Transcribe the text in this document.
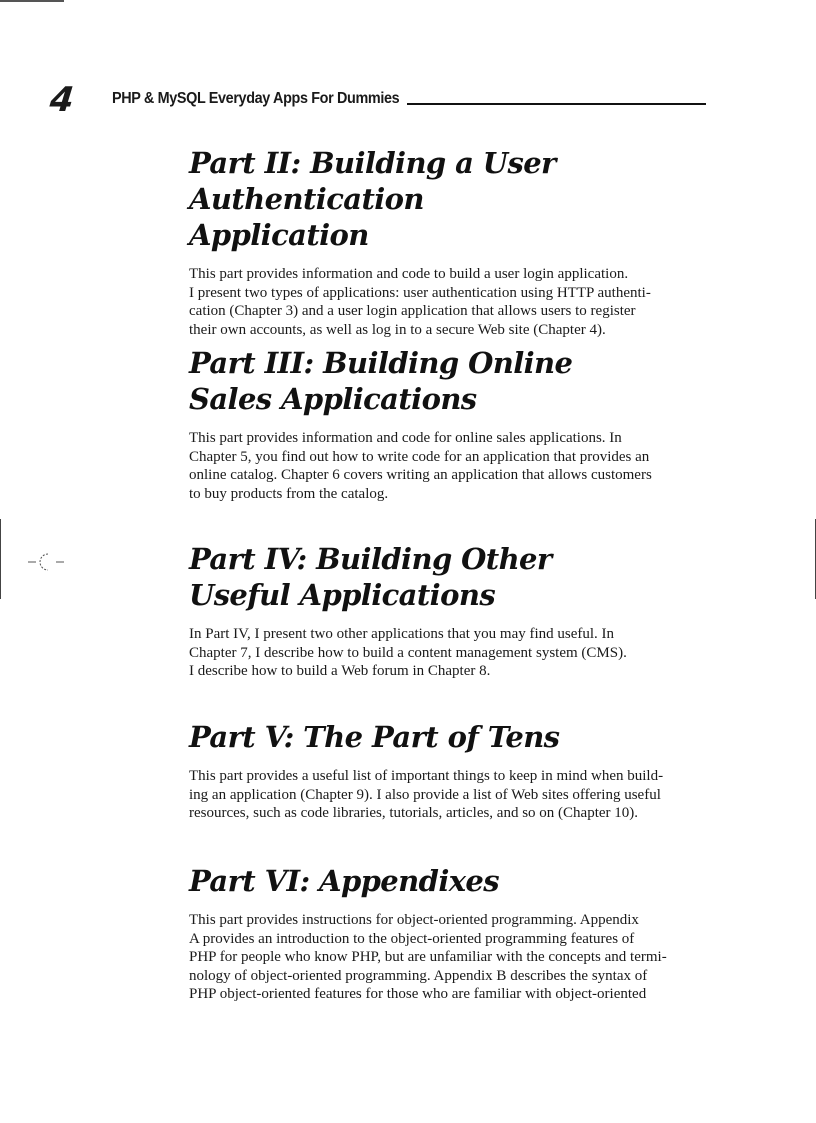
4 PHP & MySQL Everyday Apps For Dummies
Part II: Building a User Authentication
Application

This part provides information and code to build a user login application.
I present two types of applications: user authentication using HTTP authenti-
cation (Chapter 3) and a user login application that allows users to register
their own accounts, as well as log in to a secure Web site (Chapter 4).

Part III: Building Online
Sales Applications

This part provides information and code for online sales applications. In
Chapter 5, you find out how to write code for an application that provides an
online catalog. Chapter 6 covers writing an application that allows customers
to buy products from the catalog.

Part IV: Building Other
Useful Applications

In Part IV, I present two other applications that you may find useful. In
Chapter 7, I describe how to build a content management system (CMS).
I describe how to build a Web forum in Chapter 8.

Part V: The Part of Tens

This part provides a useful list of important things to keep in mind when build-
ing an application (Chapter 9). I also provide a list of Web sites offering useful
resources, such as code libraries, tutorials, articles, and so on (Chapter 10).

Part VI: Appendixes

This part provides instructions for object-oriented programming. Appendix
A provides an introduction to the object-oriented programming features of
PHP for people who know PHP, but are unfamiliar with the concepts and termi-
nology of object-oriented programming. Appendix B describes the syntax of
PHP object-oriented features for those who are familiar with object-oriented
